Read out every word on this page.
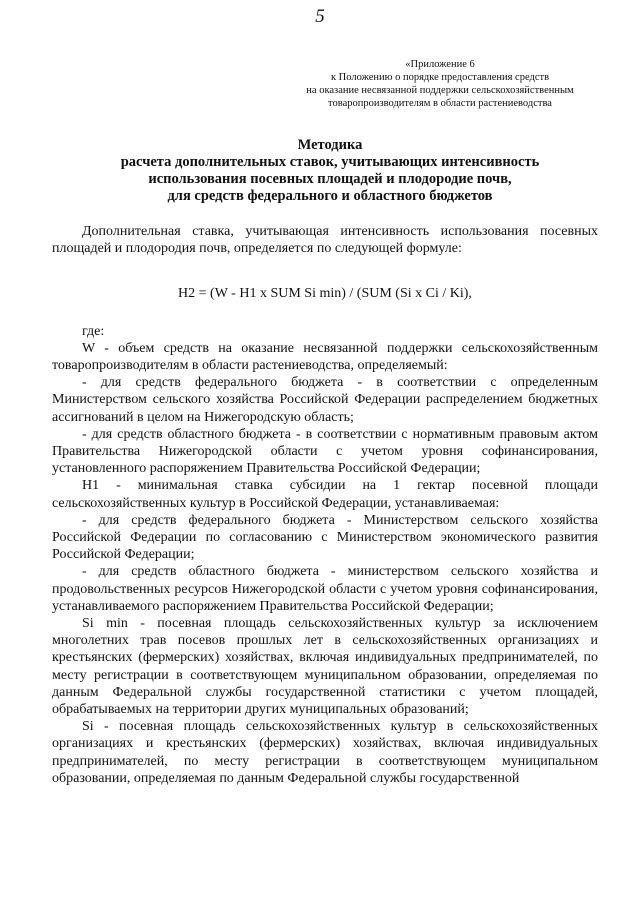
5
«Приложение 6
к Положению о порядке предоставления средств
на оказание несвязанной поддержки сельскохозяйственным
товаропроизводителям в области растениеводства
Методика
расчета дополнительных ставок, учитывающих интенсивность
использования посевных площадей и плодородие почв,
для средств федерального и областного бюджетов

Дополнительная ставка, учитывающая интенсивность использования посевных площадей и плодородия почв, определяется по следующей формуле:

H2 = (W - H1 x SUM Si min) / (SUM (Si x Ci / Ki),

где:

W - объем средств на оказание несвязанной поддержки сельскохозяйственным товаропроизводителям в области растениеводства, определяемый:

- для средств федерального бюджета - в соответствии с определенным Министерством сельского хозяйства Российской Федерации распределением бюджетных ассигнований в целом на Нижегородскую область;

- для средств областного бюджета - в соответствии с нормативным правовым актом Правительства Нижегородской области с учетом уровня софинансирования, установленного распоряжением Правительства Российской Федерации;

H1 - минимальная ставка субсидии на 1 гектар посевной площади сельскохозяйственных культур в Российской Федерации, устанавливаемая:

- для средств федерального бюджета - Министерством сельского хозяйства Российской Федерации по согласованию с Министерством экономического развития Российской Федерации;

- для средств областного бюджета - министерством сельского хозяйства и продовольственных ресурсов Нижегородской области с учетом уровня софинансирования, устанавливаемого распоряжением Правительства Российской Федерации;

Si min - посевная площадь сельскохозяйственных культур за исключением многолетних трав посевов прошлых лет в сельскохозяйственных организациях и крестьянских (фермерских) хозяйствах, включая индивидуальных предпринимателей, по месту регистрации в соответствующем муниципальном образовании, определяемая по данным Федеральной службы государственной статистики с учетом площадей, обрабатываемых на территории других муниципальных образований;

Si - посевная площадь сельскохозяйственных культур в сельскохозяйственных организациях и крестьянских (фермерских) хозяйствах, включая индивидуальных предпринимателей, по месту регистрации в соответствующем муниципальном образовании, определяемая по данным Федеральной службы государственной
